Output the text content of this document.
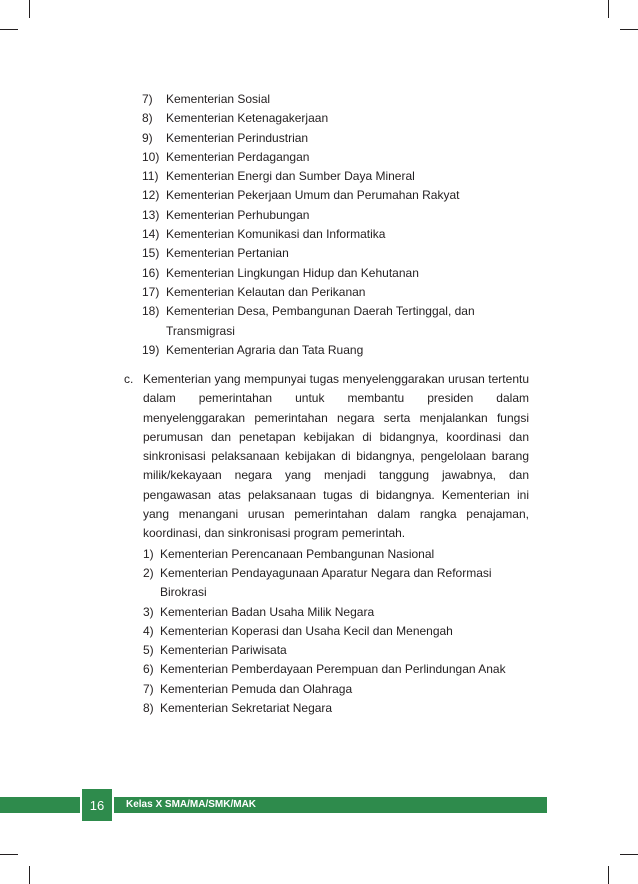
7) Kementerian Sosial
8) Kementerian Ketenagakerjaan
9) Kementerian Perindustrian
10) Kementerian Perdagangan
11) Kementerian Energi dan Sumber Daya Mineral
12) Kementerian Pekerjaan Umum dan Perumahan Rakyat
13) Kementerian Perhubungan
14) Kementerian Komunikasi dan Informatika
15) Kementerian Pertanian
16) Kementerian Lingkungan Hidup dan Kehutanan
17) Kementerian Kelautan dan Perikanan
18) Kementerian Desa, Pembangunan Daerah Tertinggal, dan Transmigrasi
19) Kementerian Agraria dan Tata Ruang
c. Kementerian yang mempunyai tugas menyelenggarakan urusan tertentu dalam pemerintahan untuk membantu presiden dalam menyelenggarakan pemerintahan negara serta menjalankan fungsi perumusan dan penetapan kebijakan di bidangnya, koordinasi dan sinkronisasi pelaksanaan kebijakan di bidangnya, pengelolaan barang milik/kekayaan negara yang menjadi tanggung jawabnya, dan pengawasan atas pelaksanaan tugas di bidangnya. Kementerian ini yang menangani urusan pemerintahan dalam rangka penajaman, koordinasi, dan sinkronisasi program pemerintah.

1) Kementerian Perencanaan Pembangunan Nasional
2) Kementerian Pendayagunaan Aparatur Negara dan Reformasi Birokrasi
3) Kementerian Badan Usaha Milik Negara
4) Kementerian Koperasi dan Usaha Kecil dan Menengah
5) Kementerian Pariwisata
6) Kementerian Pemberdayaan Perempuan dan Perlindungan Anak
7) Kementerian Pemuda dan Olahraga
8) Kementerian Sekretariat Negara
16	Kelas X SMA/MA/SMK/MAK
